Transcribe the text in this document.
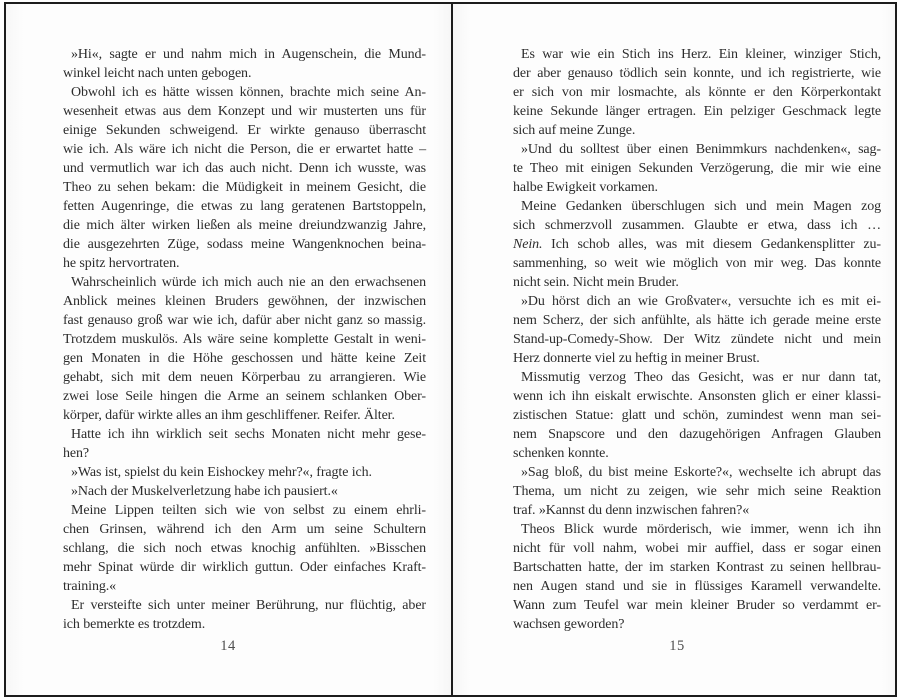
»Hi«, sagte er und nahm mich in Augenschein, die Mund-
winkel leicht nach unten gebogen.
Obwohl ich es hätte wissen können, brachte mich seine An-
wesenheit etwas aus dem Konzept und wir musterten uns für
einige Sekunden schweigend. Er wirkte genauso überrascht
wie ich. Als wäre ich nicht die Person, die er erwartet hatte –
und vermutlich war ich das auch nicht. Denn ich wusste, was
Theo zu sehen bekam: die Müdigkeit in meinem Gesicht, die
fetten Augenringe, die etwas zu lang geratenen Bartstoppeln,
die mich älter wirken ließen als meine dreiundzwanzig Jahre,
die ausgezehrten Züge, sodass meine Wangenknochen beina-
he spitz hervortraten.
Wahrscheinlich würde ich mich auch nie an den erwachsenen
Anblick meines kleinen Bruders gewöhnen, der inzwischen
fast genauso groß war wie ich, dafür aber nicht ganz so massig.
Trotzdem muskulös. Als wäre seine komplette Gestalt in weni-
gen Monaten in die Höhe geschossen und hätte keine Zeit
gehabt, sich mit dem neuen Körperbau zu arrangieren. Wie
zwei lose Seile hingen die Arme an seinem schlanken Ober-
körper, dafür wirkte alles an ihm geschliffener. Reifer. Älter.
Hatte ich ihn wirklich seit sechs Monaten nicht mehr gese-
hen?
»Was ist, spielst du kein Eishockey mehr?«, fragte ich.
»Nach der Muskelverletzung habe ich pausiert.«
Meine Lippen teilten sich wie von selbst zu einem ehrli-
chen Grinsen, während ich den Arm um seine Schultern
schlang, die sich noch etwas knochig anfühlten. »Bisschen
mehr Spinat würde dir wirklich guttun. Oder einfaches Kraft-
training.«
Er versteifte sich unter meiner Berührung, nur flüchtig, aber
ich bemerkte es trotzdem.
14
Es war wie ein Stich ins Herz. Ein kleiner, winziger Stich,
der aber genauso tödlich sein konnte, und ich registrierte, wie
er sich von mir losmachte, als könnte er den Körperkontakt
keine Sekunde länger ertragen. Ein pelziger Geschmack legte
sich auf meine Zunge.
»Und du solltest über einen Benimmkurs nachdenken«, sag-
te Theo mit einigen Sekunden Verzögerung, die mir wie eine
halbe Ewigkeit vorkamen.
Meine Gedanken überschlugen sich und mein Magen zog
sich schmerzvoll zusammen. Glaubte er etwa, dass ich …
Nein. Ich schob alles, was mit diesem Gedankensplitter zu-
sammenhing, so weit wie möglich von mir weg. Das konnte
nicht sein. Nicht mein Bruder.
»Du hörst dich an wie Großvater«, versuchte ich es mit ei-
nem Scherz, der sich anfühlte, als hätte ich gerade meine erste
Stand-up-Comedy-Show. Der Witz zündete nicht und mein
Herz donnerte viel zu heftig in meiner Brust.
Missmutig verzog Theo das Gesicht, was er nur dann tat,
wenn ich ihn eiskalt erwischte. Ansonsten glich er einer klassi-
zistischen Statue: glatt und schön, zumindest wenn man sei-
nem Snapscore und den dazugehörigen Anfragen Glauben
schenken konnte.
»Sag bloß, du bist meine Eskorte?«, wechselte ich abrupt das
Thema, um nicht zu zeigen, wie sehr mich seine Reaktion
traf. »Kannst du denn inzwischen fahren?«
Theos Blick wurde mörderisch, wie immer, wenn ich ihn
nicht für voll nahm, wobei mir auffiel, dass er sogar einen
Bartschatten hatte, der im starken Kontrast zu seinen hellbrau-
nen Augen stand und sie in flüssiges Karamell verwandelte.
Wann zum Teufel war mein kleiner Bruder so verdammt er-
wachsen geworden?
15
